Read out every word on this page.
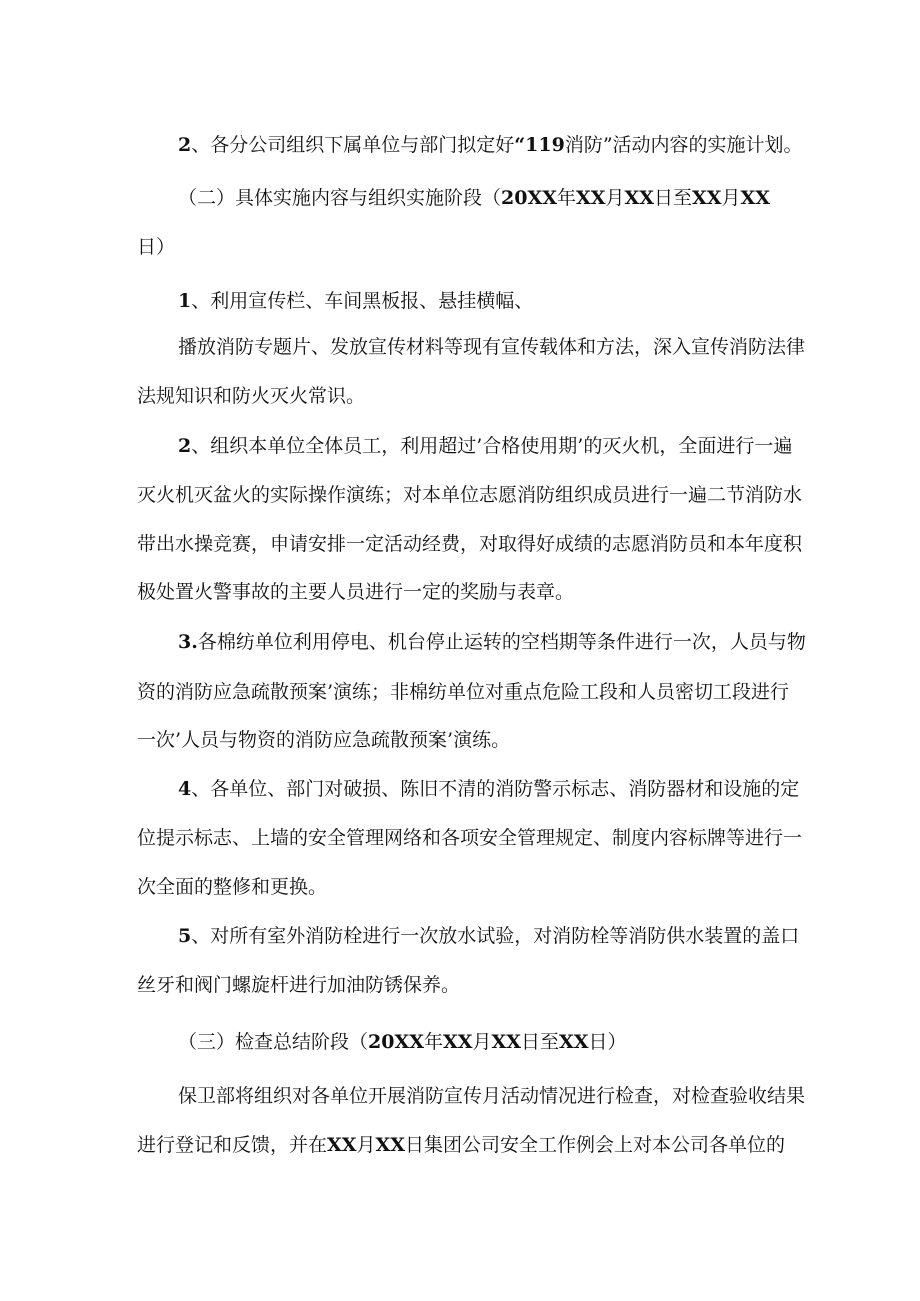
2、各分公司组织下属单位与部门拟定好“119消防”活动内容的实施计划。
（二）具体实施内容与组织实施阶段（20XX年XX月XX日至XX月XX
日）
1、利用宣传栏、车间黑板报、悬挂横幅、
播放消防专题片、发放宣传材料等现有宣传载体和方法，深入宣传消防法律
法规知识和防火灭火常识。
2、组织本单位全体员工，利用超过’合格使用期’的灭火机，全面进行一遍
灭火机灭盆火的实际操作演练；对本单位志愿消防组织成员进行一遍二节消防水
带出水操竞赛，申请安排一定活动经费，对取得好成绩的志愿消防员和本年度积
极处置火警事故的主要人员进行一定的奖励与表章。
3.各棉纺单位利用停电、机台停止运转的空档期等条件进行一次，人员与物
资的消防应急疏散预案’演练；非棉纺单位对重点危险工段和人员密切工段进行
一次’人员与物资的消防应急疏散预案’演练。
4、各单位、部门对破损、陈旧不清的消防警示标志、消防器材和设施的定
位提示标志、上墙的安全管理网络和各项安全管理规定、制度内容标牌等进行一
次全面的整修和更换。
5、对所有室外消防栓进行一次放水试验，对消防栓等消防供水装置的盖口
丝牙和阀门螺旋杆进行加油防锈保养。
（三）检查总结阶段（20XX年XX月XX日至XX日）
保卫部将组织对各单位开展消防宣传月活动情况进行检查，对检查验收结果
进行登记和反馈，并在XX月XX日集团公司安全工作例会上对本公司各单位的
